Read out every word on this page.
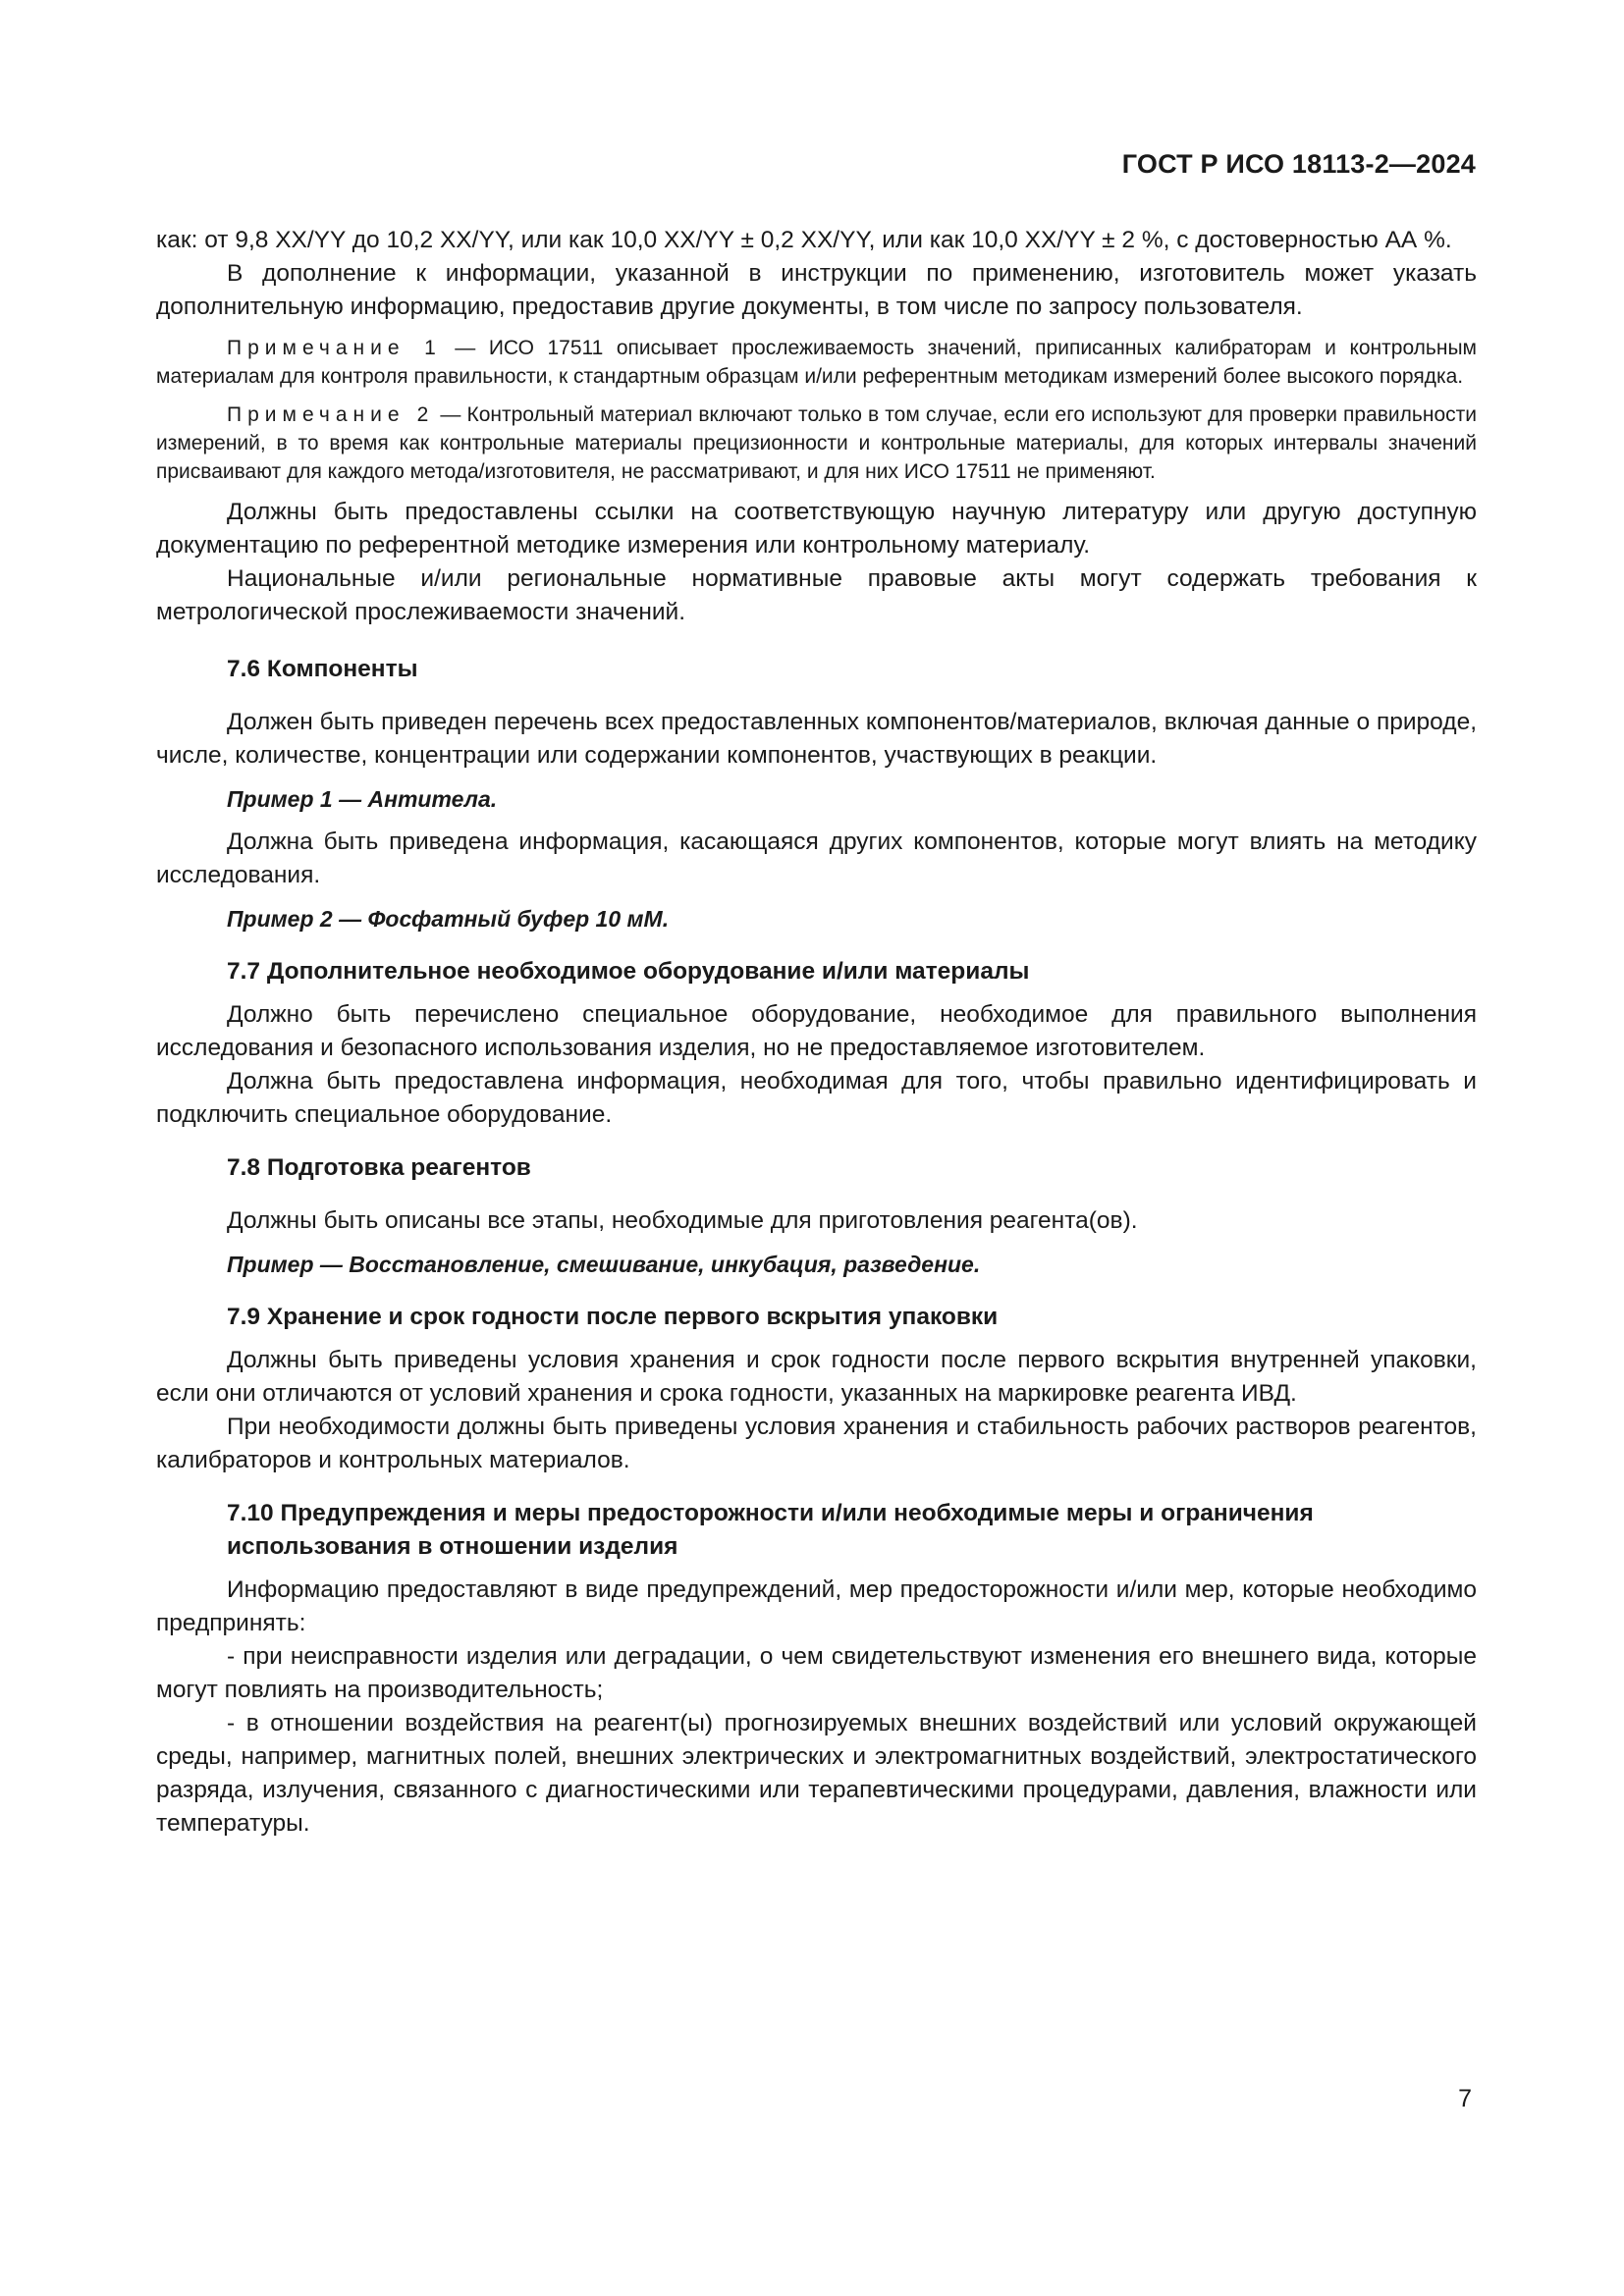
ГОСТ Р ИСО 18113-2—2024

как: от 9,8 XX/YY до 10,2 XX/YY, или как 10,0 XX/YY ± 0,2 XX/YY, или как 10,0 XX/YY ± 2 %, с достоверностью АА %.

В дополнение к информации, указанной в инструкции по применению, изготовитель может указать дополнительную информацию, предоставив другие документы, в том числе по запросу пользователя.

Примечание 1 — ИСО 17511 описывает прослеживаемость значений, приписанных калибраторам и контрольным материалам для контроля правильности, к стандартным образцам и/или референтным методикам измерений более высокого порядка.

Примечание 2 — Контрольный материал включают только в том случае, если его используют для проверки правильности измерений, в то время как контрольные материалы прецизионности и контрольные материалы, для которых интервалы значений присваивают для каждого метода/изготовителя, не рассматривают, и для них ИСО 17511 не применяют.

Должны быть предоставлены ссылки на соответствующую научную литературу или другую доступную документацию по референтной методике измерения или контрольному материалу.

Национальные и/или региональные нормативные правовые акты могут содержать требования к метрологической прослеживаемости значений.

7.6 Компоненты

Должен быть приведен перечень всех предоставленных компонентов/материалов, включая данные о природе, числе, количестве, концентрации или содержании компонентов, участвующих в реакции.

Пример 1 — Антитела.

Должна быть приведена информация, касающаяся других компонентов, которые могут влиять на методику исследования.

Пример 2 — Фосфатный буфер 10 мМ.

7.7 Дополнительное необходимое оборудование и/или материалы

Должно быть перечислено специальное оборудование, необходимое для правильного выполнения исследования и безопасного использования изделия, но не предоставляемое изготовителем.

Должна быть предоставлена информация, необходимая для того, чтобы правильно идентифицировать и подключить специальное оборудование.

7.8 Подготовка реагентов

Должны быть описаны все этапы, необходимые для приготовления реагента(ов).

Пример — Восстановление, смешивание, инкубация, разведение.

7.9 Хранение и срок годности после первого вскрытия упаковки

Должны быть приведены условия хранения и срок годности после первого вскрытия внутренней упаковки, если они отличаются от условий хранения и срока годности, указанных на маркировке реагента ИВД.

При необходимости должны быть приведены условия хранения и стабильность рабочих растворов реагентов, калибраторов и контрольных материалов.

7.10 Предупреждения и меры предосторожности и/или необходимые меры и ограничения использования в отношении изделия

Информацию предоставляют в виде предупреждений, мер предосторожности и/или мер, которые необходимо предпринять:

- при неисправности изделия или деградации, о чем свидетельствуют изменения его внешнего вида, которые могут повлиять на производительность;

- в отношении воздействия на реагент(ы) прогнозируемых внешних воздействий или условий окружающей среды, например, магнитных полей, внешних электрических и электромагнитных воздействий, электростатического разряда, излучения, связанного с диагностическими или терапевтическими процедурами, давления, влажности или температуры.

7
